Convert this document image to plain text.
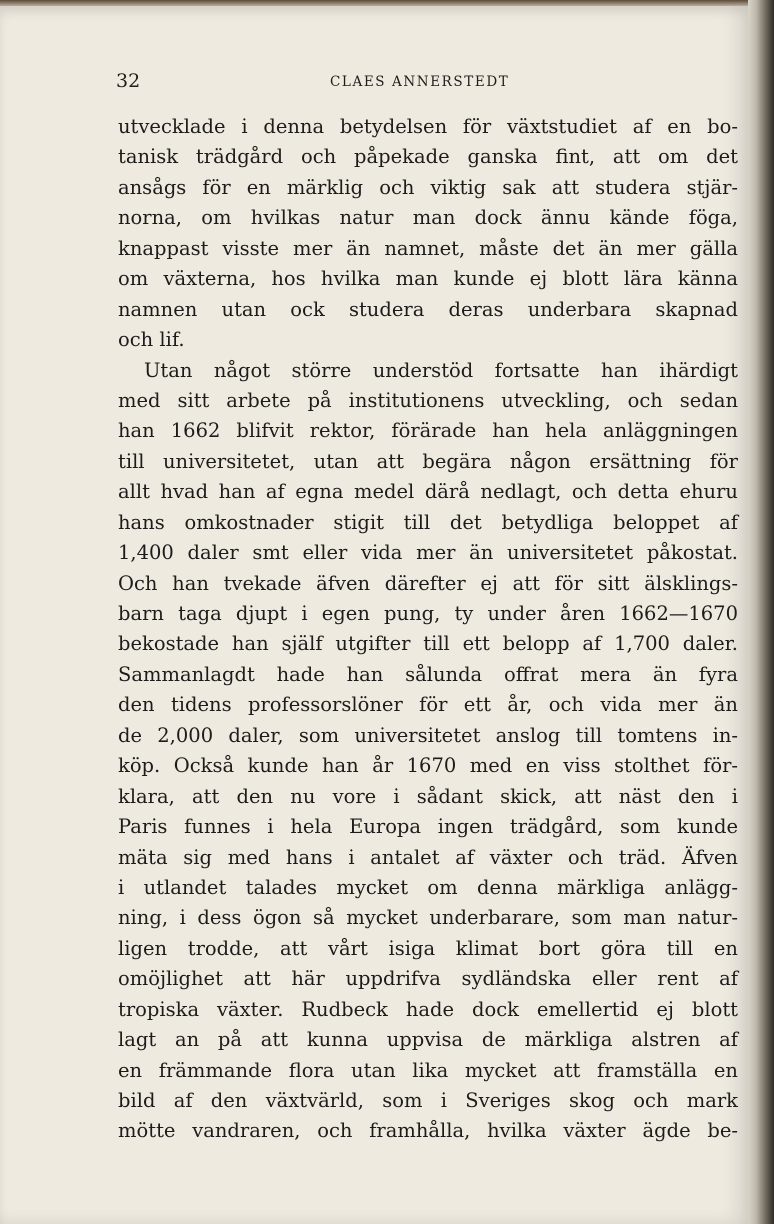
32	CLAES ANNERSTEDT
utvecklade i denna betydelsen för växtstudiet af en bo-
tanisk trädgård och påpekade ganska fint, att om det
ansågs för en märklig och viktig sak att studera stjär-
norna, om hvilkas natur man dock ännu kände föga,
knappast visste mer än namnet, måste det än mer gälla
om växterna, hos hvilka man kunde ej blott lära känna
namnen utan ock studera deras underbara skapnad
och lif.
Utan något större understöd fortsatte han ihärdigt
med sitt arbete på institutionens utveckling, och sedan
han 1662 blifvit rektor, förärade han hela anläggningen
till universitetet, utan att begära någon ersättning för
allt hvad han af egna medel därå nedlagt, och detta ehuru
hans omkostnader stigit till det betydliga beloppet af
1,400 daler smt eller vida mer än universitetet påkostat.
Och han tvekade äfven därefter ej att för sitt älsklings-
barn taga djupt i egen pung, ty under åren 1662—1670
bekostade han själf utgifter till ett belopp af 1,700 daler.
Sammanlagdt hade han sålunda offrat mera än fyra
den tidens professorslöner för ett år, och vida mer än
de 2,000 daler, som universitetet anslog till tomtens in-
köp. Också kunde han år 1670 med en viss stolthet för-
klara, att den nu vore i sådant skick, att näst den i
Paris funnes i hela Europa ingen trädgård, som kunde
mäta sig med hans i antalet af växter och träd. Äfven
i utlandet talades mycket om denna märkliga anlägg-
ning, i dess ögon så mycket underbarare, som man natur-
ligen trodde, att vårt isiga klimat bort göra till en
omöjlighet att här uppdrifva sydländska eller rent af
tropiska växter. Rudbeck hade dock emellertid ej blott
lagt an på att kunna uppvisa de märkliga alstren af
en främmande flora utan lika mycket att framställa en
bild af den växtvärld, som i Sveriges skog och mark
mötte vandraren, och framhålla, hvilka växter ägde be-
